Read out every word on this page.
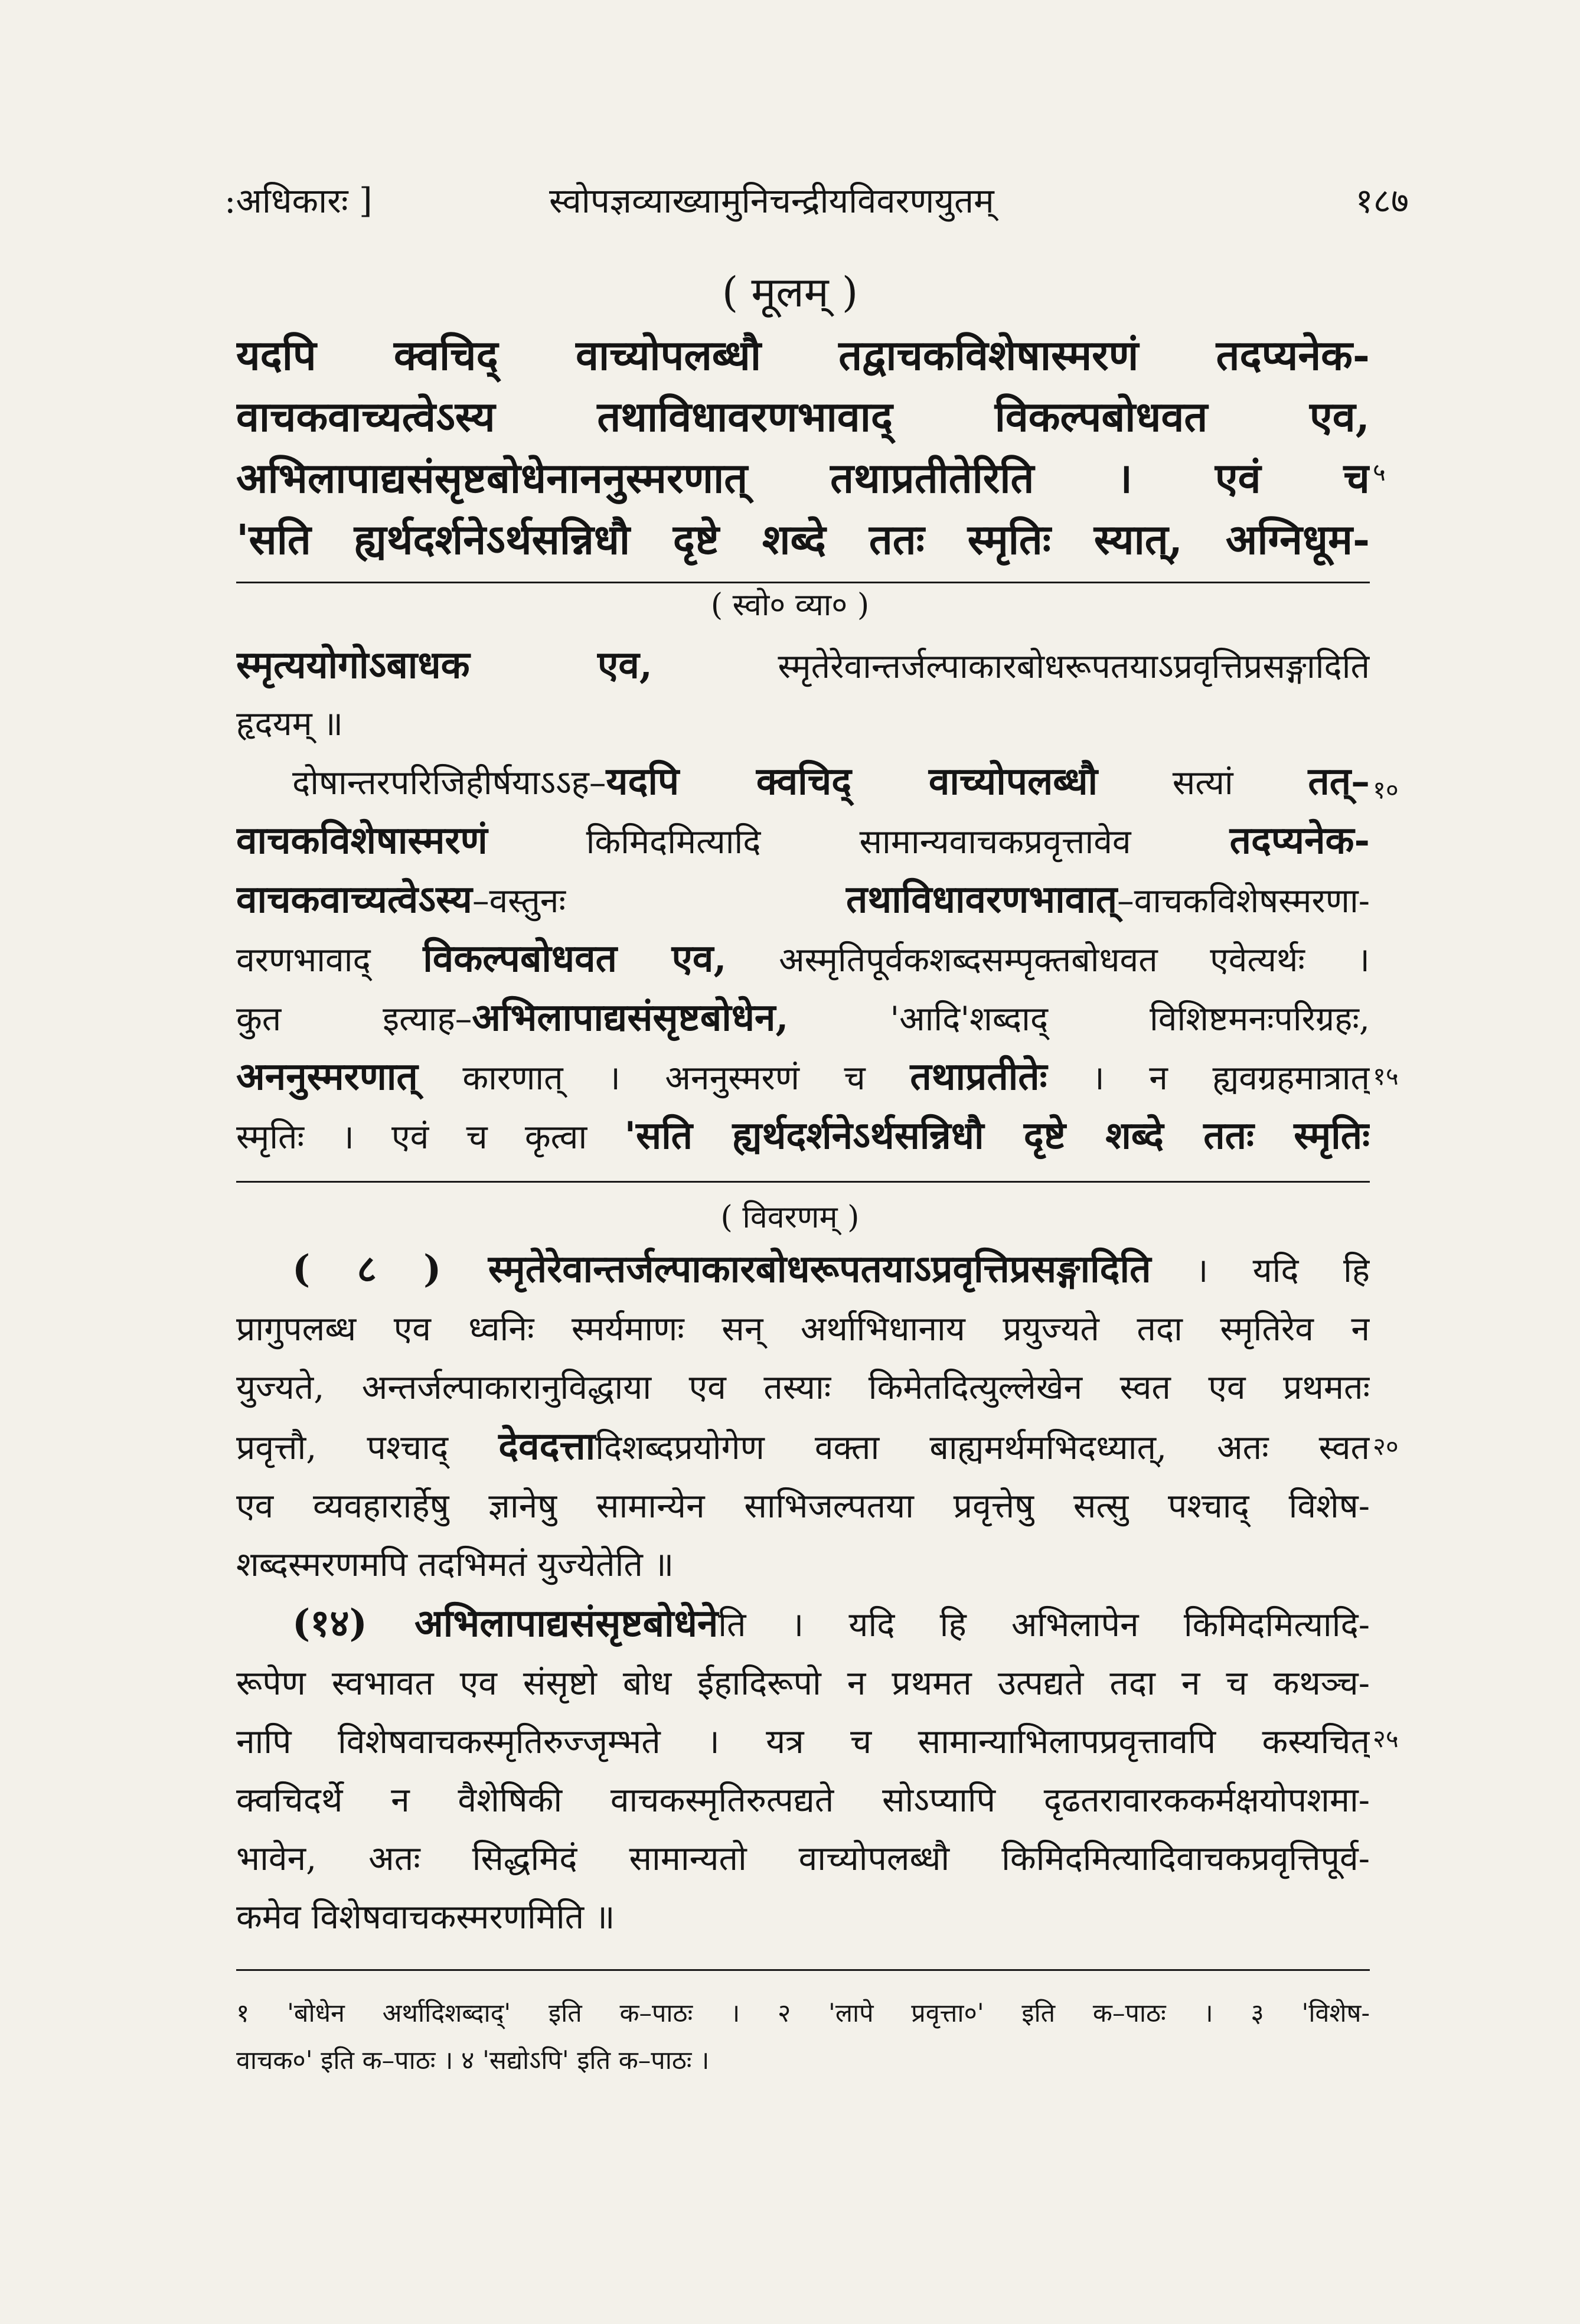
:अधिकारः ]	स्वोपज्ञव्याख्यामुनिचन्द्रीयविवरणयुतम्	१८७
( मूलम् )
यदपि क्वचिद् वाच्योपलब्धौ तद्वाचकविशेषास्मरणं तदप्यनेक-
वाचकवाच्यत्वेऽस्य तथाविधावरणभावाद् विकल्पबोधवत एव,
अभिलापाद्यसंसृष्टबोधेनाननुस्मरणात् तथाप्रतीतेरिति । एवं च
'सति ह्यर्थदर्शनेऽर्थसन्निधौ दृष्टे शब्दे ततः स्मृतिः स्यात्, अग्निधूम-
५
( स्वो० व्या० )
स्मृत्ययोगोऽबाधक एव,	स्मृतेरेवान्तर्जल्पाकारबोधरूपतयाऽप्रवृत्तिप्रसङ्गादिति
हृदयम् ॥
दोषान्तरपरिजिहीर्षयाऽऽह–यदपि क्वचिद् वाच्योपलब्धौ सत्यां तत्–
वाचकविशेषास्मरणं	किमिदमित्यादि सामान्यवाचकप्रवृत्तावेव	तदप्यनेक-
वाचकवाच्यत्वेऽस्य–वस्तुनः	तथाविधावरणभावात्–वाचकविशेषस्मरणा-
वरणभावाद् विकल्पबोधवत एव, अस्मृतिपूर्वकशब्दसम्पृक्तबोधवत एवेत्यर्थः ।
कुत इत्याह–अभिलापाद्यसंसृष्टबोधेन,	'आदि'शब्दाद् विशिष्टमनःपरिग्रहः,
अननुस्मरणात् कारणात् । अननुस्मरणं च तथाप्रतीतेः । न ह्यवग्रहमात्रात्
स्मृतिः । एवं च कृत्वा 'सति ह्यर्थदर्शनेऽर्थसन्निधौ दृष्टे शब्दे ततः स्मृतिः
१०
१५
( विवरणम् )
( ८ ) स्मृतेरेवान्तर्जल्पाकारबोधरूपतयाऽप्रवृत्तिप्रसङ्गादिति । यदि हि
प्रागुपलब्ध एव ध्वनिः स्मर्यमाणः सन् अर्थाभिधानाय प्रयुज्यते तदा स्मृतिरेव न
युज्यते, अन्तर्जल्पाकारानुविद्धाया एव तस्याः किमेतदित्युल्लेखेन स्वत एव प्रथमतः
प्रवृत्तौ, पश्चाद् देवदत्तादिशब्दप्रयोगेण वक्ता बाह्यमर्थमभिदध्यात्, अतः स्वत
एव व्यवहारार्हेषु ज्ञानेषु सामान्येन साभिजल्पतया प्रवृत्तेषु सत्सु पश्चाद् विशेष-
शब्दस्मरणमपि तदभिमतं युज्येतेति ॥
(१४) अभिलापाद्यसंसृष्टबोधेनेति । यदि हि अभिलापेन किमिदमित्यादि-
रूपेण स्वभावत एव संसृष्टो बोध ईहादिरूपो न प्रथमत उत्पद्यते तदा न च कथञ्च-
नापि विशेषवाचकस्मृतिरुज्जृम्भते । यत्र च सामान्याभिलापप्रवृत्तावपि कस्यचित्
क्वचिदर्थे न वैशेषिकी वाचकस्मृतिरुत्पद्यते सोऽप्यापि दृढतरावारककर्मक्षयोपशमा-
भावेन, अतः सिद्धमिदं सामान्यतो वाच्योपलब्धौ किमिदमित्यादिवाचकप्रवृत्तिपूर्व-
कमेव विशेषवाचकस्मरणमिति ॥
२०
२५
१ 'बोधेन अर्थादिशब्दाद्' इति क–पाठः । २ 'लापे प्रवृत्ता०' इति क–पाठः । ३ 'विशेष-
वाचक०' इति क–पाठः । ४ 'सद्योऽपि' इति क–पाठः ।
